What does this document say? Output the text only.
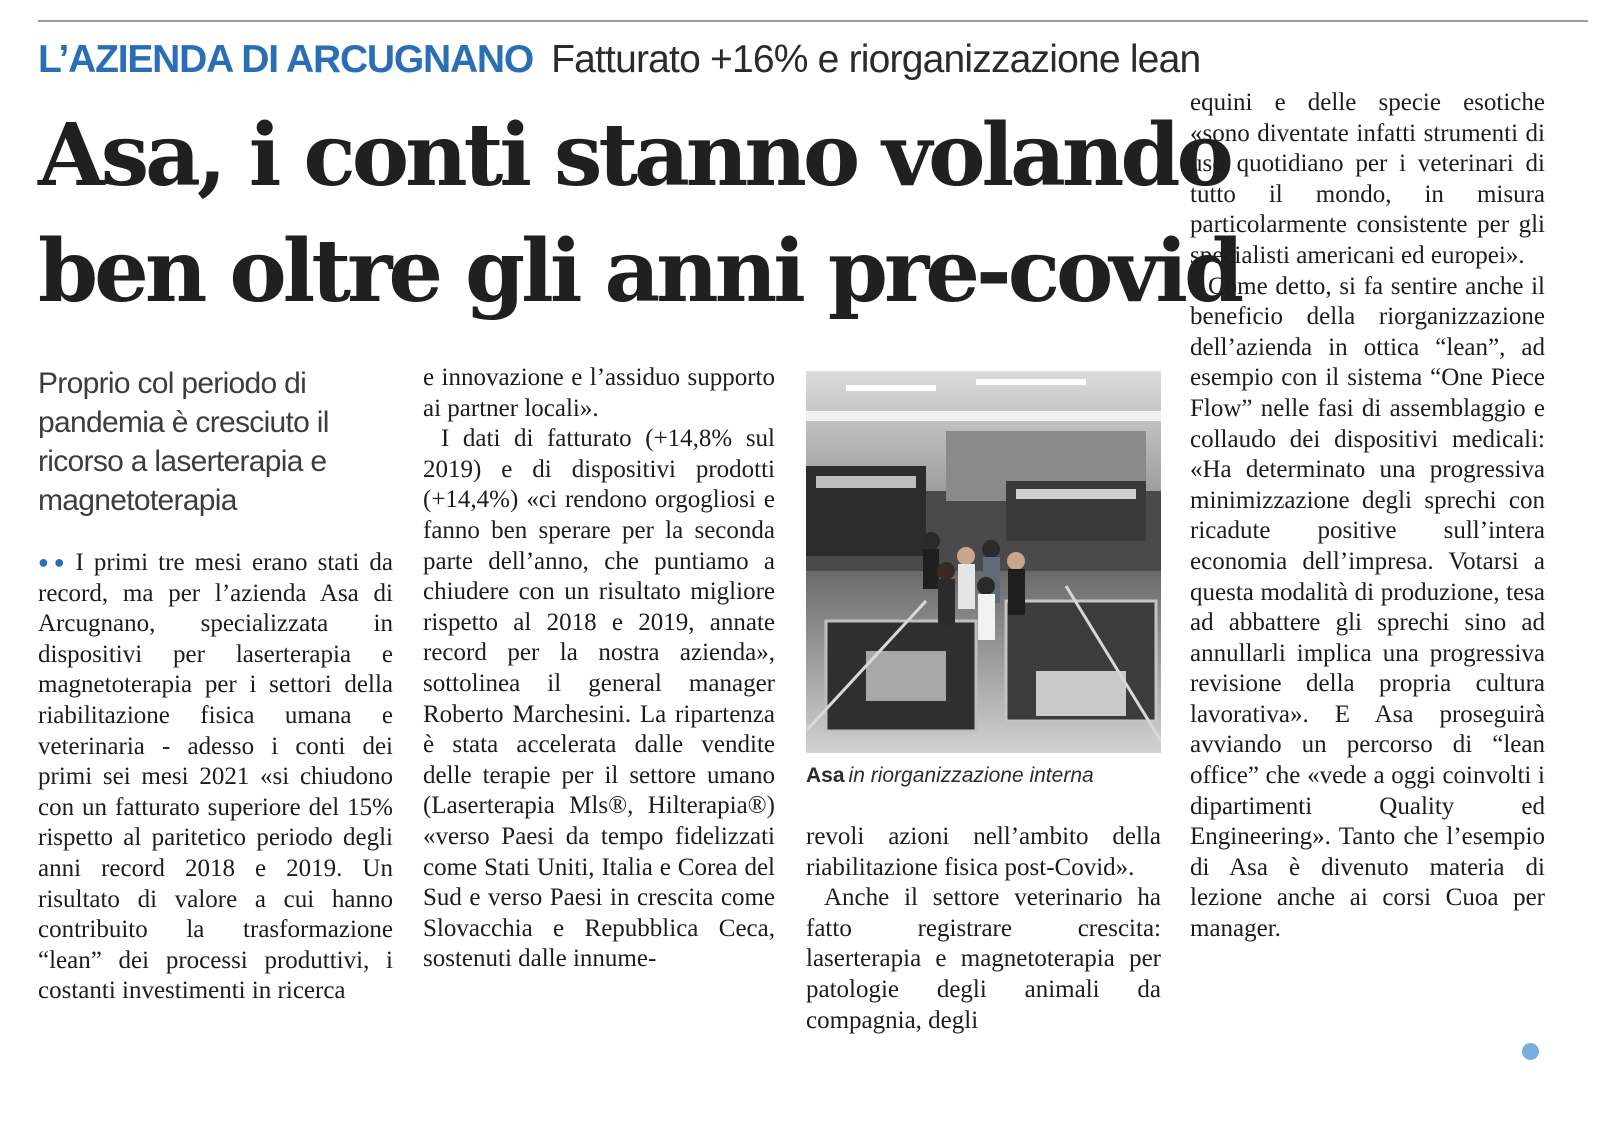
L’AZIENDA DI ARCUGNANO Fatturato +16% e riorganizzazione lean
Asa, i conti stanno volando
ben oltre gli anni pre-covid
Proprio col periodo di pandemia è cresciuto il ricorso a laserterapia e magnetoterapia

●● I primi tre mesi erano stati da record, ma per l’azienda Asa di Arcugnano, specializzata in dispositivi per laserterapia e magnetoterapia per i settori della riabilitazione fisica umana e veterinaria - adesso i conti dei primi sei mesi 2021 «si chiudono con un fatturato superiore del 15% rispetto al paritetico periodo degli anni record 2018 e 2019. Un risultato di valore a cui hanno contribuito la trasformazione “lean” dei processi produttivi, i costanti investimenti in ricerca

e innovazione e l’assiduo supporto ai partner locali».

I dati di fatturato (+14,8% sul 2019) e di dispositivi prodotti (+14,4%) «ci rendono orgogliosi e fanno ben sperare per la seconda parte dell’anno, che puntiamo a chiudere con un risultato migliore rispetto al 2018 e 2019, annate record per la nostra azienda», sottolinea il general manager Roberto Marchesini. La ripartenza è stata accelerata dalle vendite delle terapie per il settore umano (Laserterapia Mls®, Hilterapia®) «verso Paesi da tempo fidelizzati come Stati Uniti, Italia e Corea del Sud e verso Paesi in crescita come Slovacchia e Repubblica Ceca, sostenuti dalle innume-

Asa in riorganizzazione interna

revoli azioni nell’ambito della riabilitazione fisica post-Covid».

Anche il settore veterinario ha fatto registrare crescita: laserterapia e magnetoterapia per patologie degli animali da compagnia, degli

equini e delle specie esotiche «sono diventate infatti strumenti di uso quotidiano per i veterinari di tutto il mondo, in misura particolarmente consistente per gli specialisti americani ed europei».

Come detto, si fa sentire anche il beneficio della riorganizzazione dell’azienda in ottica “lean”, ad esempio con il sistema “One Piece Flow” nelle fasi di assemblaggio e collaudo dei dispositivi medicali: «Ha determinato una progressiva minimizzazione degli sprechi con ricadute positive sull’intera economia dell’impresa. Votarsi a questa modalità di produzione, tesa ad abbattere gli sprechi sino ad annullarli implica una progressiva revisione della propria cultura lavorativa». E Asa proseguirà avviando un percorso di “lean office” che «vede a oggi coinvolti i dipartimenti Quality ed Engineering». Tanto che l’esempio di Asa è divenuto materia di lezione anche ai corsi Cuoa per manager.
